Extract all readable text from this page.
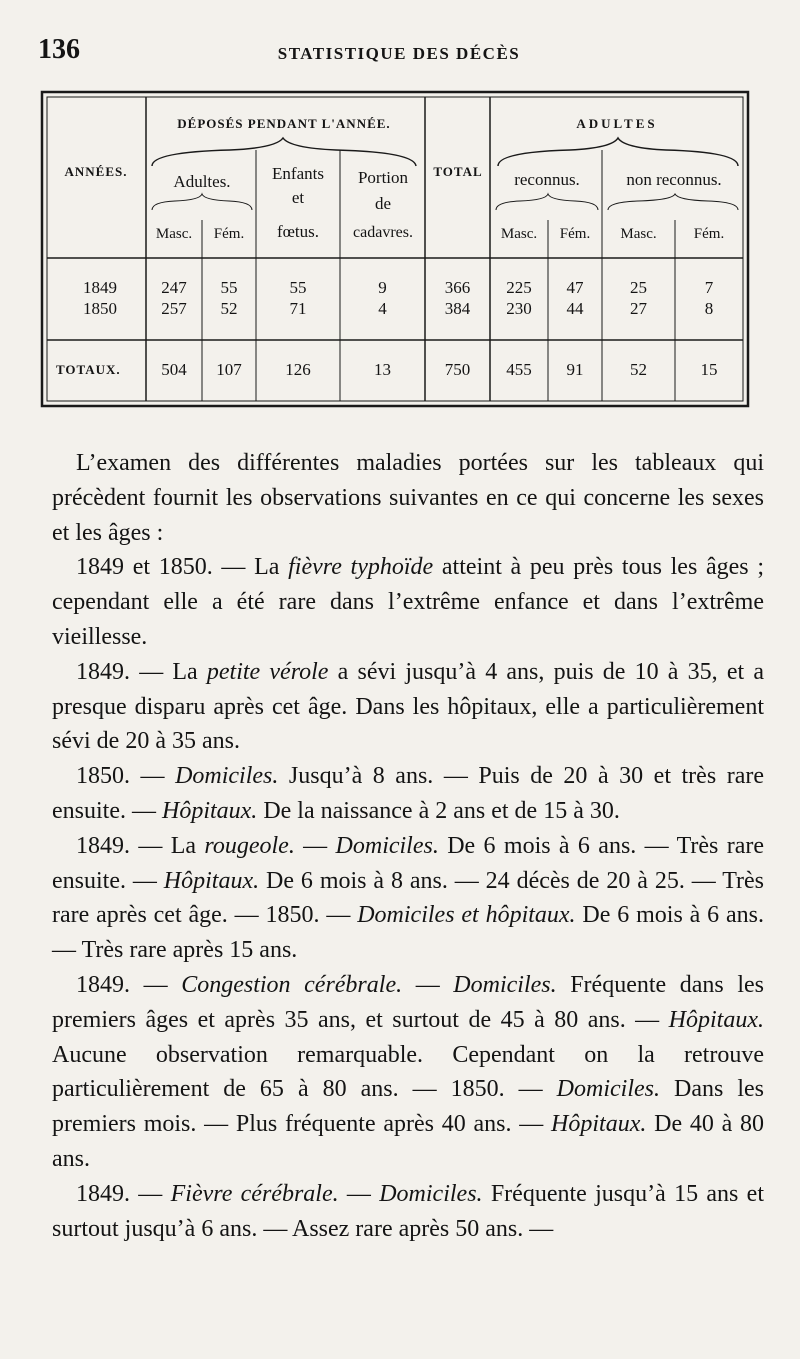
136	STATISTIQUE DES DÉCÈS
ANNÉES.
DÉPOSÉS PENDANT L'ANNÉE.
Adultes.	Enfants
et
fœtus.
Portion
de
cadavres.
TOTAL
ADULTES
reconnus.	non reconnus.
Masc.	Fém.	Masc.	Fém.	Masc.	Fém.
1849	247	55	55	9	366	225	47	25	7
1850	257	52	71	4	384	230	44	27	8
TOTAUX.	504	107	126	13	750	455	91	52	15

L’examen des différentes maladies portées sur les tableaux qui précèdent fournit les observations suivantes en ce qui concerne les sexes et les âges :

1849 et 1850. — La fièvre typhoïde atteint à peu près tous les âges ; cependant elle a été rare dans l’extrême enfance et dans l’extrême vieillesse.

1849. — La petite vérole a sévi jusqu’à 4 ans, puis de 10 à 35, et a presque disparu après cet âge. Dans les hôpitaux, elle a particulièrement sévi de 20 à 35 ans.

1850. — Domiciles. Jusqu’à 8 ans. — Puis de 20 à 30 et très rare ensuite. — Hôpitaux. De la naissance à 2 ans et de 15 à 30.

1849. — La rougeole. — Domiciles. De 6 mois à 6 ans. — Très rare ensuite. — Hôpitaux. De 6 mois à 8 ans. — 24 décès de 20 à 25. — Très rare après cet âge. — 1850. — Domiciles et hôpitaux. De 6 mois à 6 ans. — Très rare après 15 ans.

1849. — Congestion cérébrale. — Domiciles. Fréquente dans les premiers âges et après 35 ans, et surtout de 45 à 80 ans. — Hôpitaux. Aucune observation remarquable. Cependant on la retrouve particulièrement de 65 à 80 ans. — 1850. — Domiciles. Dans les premiers mois. — Plus fréquente après 40 ans. — Hôpitaux. De 40 à 80 ans.

1849. — Fièvre cérébrale. — Domiciles. Fréquente jusqu’à 15 ans et surtout jusqu’à 6 ans. — Assez rare après 50 ans. —
